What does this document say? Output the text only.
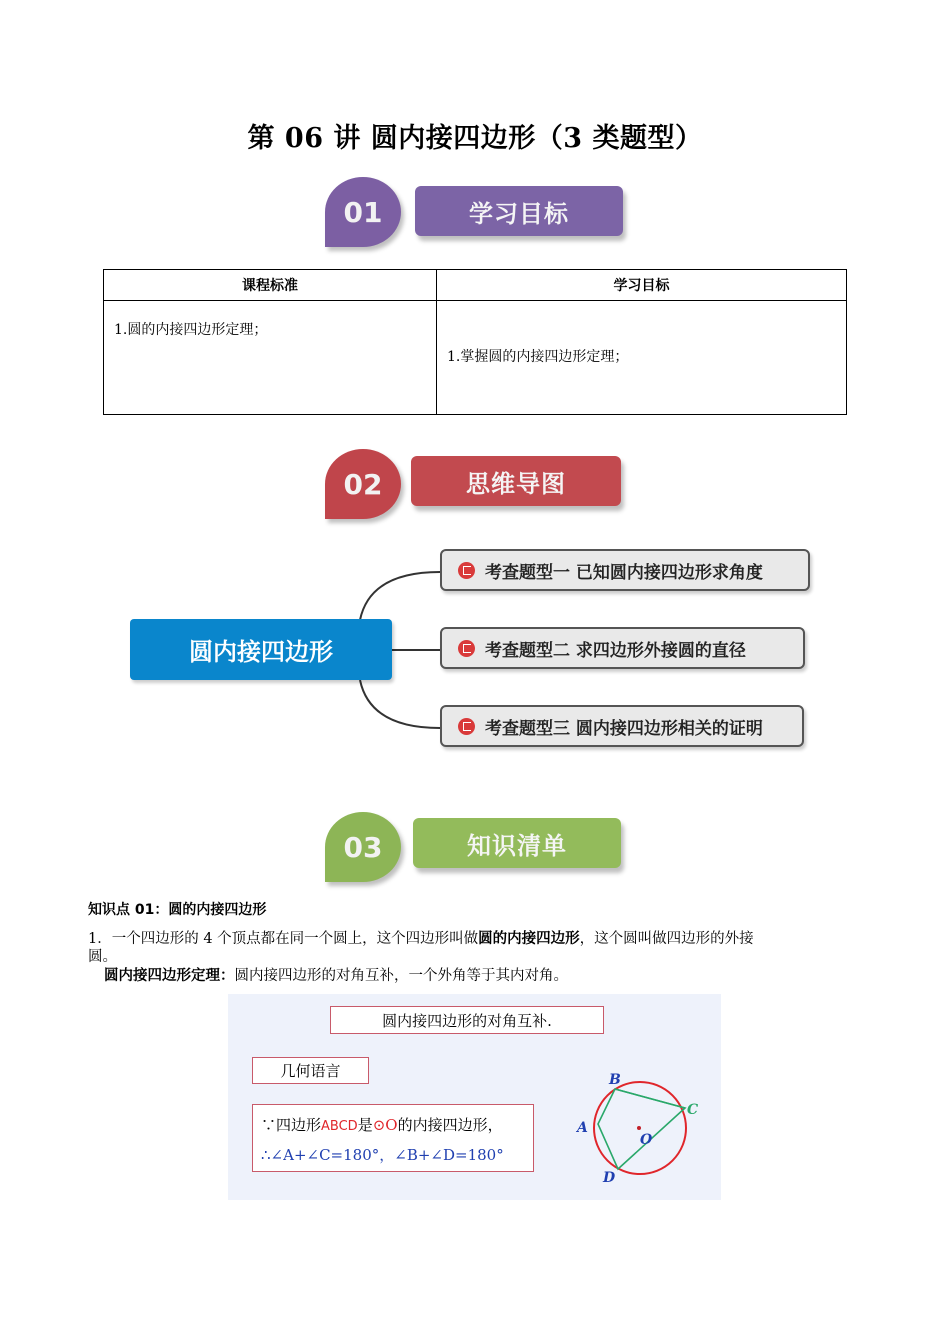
第 06 讲 圆内接四边形（3 类题型）
01	学习目标
课程标准	学习目标

1.圆的内接四边形定理；	1.掌握圆的内接四边形定理；
02	思维导图
圆内接四边形
考查题型一 已知圆内接四边形求角度
考查题型二 求四边形外接圆的直径
考查题型三 圆内接四边形相关的证明
03	知识清单
知识点 01：圆的内接四边形
1．一个四边形的 4 个顶点都在同一个圆上，这个四边形叫做圆的内接四边形，这个圆叫做四边形的外接
圆。
圆内接四边形定理：圆内接四边形的对角互补，一个外角等于其内对角。
圆内接四边形的对角互补.
几何语言
∵四边形ABCD是⊙O的内接四边形，
∴∠A+∠C=180°，∠B+∠D=180°
B
C
A
D
O
